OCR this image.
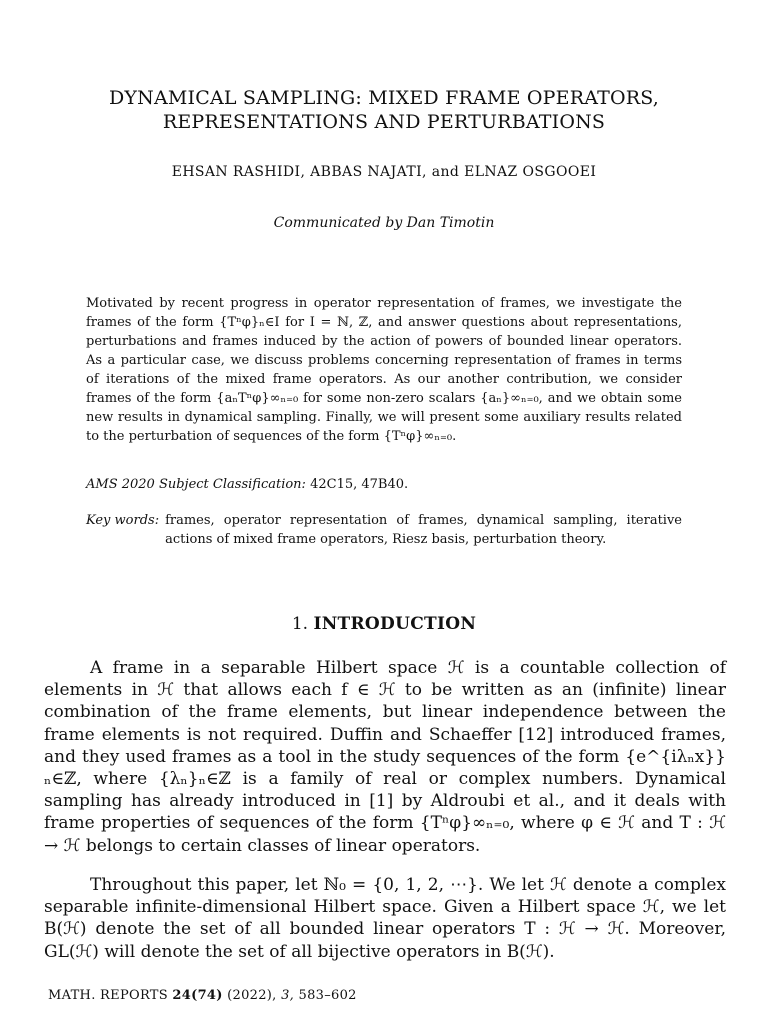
DYNAMICAL SAMPLING: MIXED FRAME OPERATORS,
REPRESENTATIONS AND PERTURBATIONS
EHSAN RASHIDI, ABBAS NAJATI, and ELNAZ OSGOOEI
Communicated by Dan Timotin
Motivated by recent progress in operator representation of frames, we investigate the frames of the form {Tⁿφ}ₙ∈I for I = ℕ, ℤ, and answer questions about representations, perturbations and frames induced by the action of powers of bounded linear operators. As a particular case, we discuss problems concerning representation of frames in terms of iterations of the mixed frame operators. As our another contribution, we consider frames of the form {aₙTⁿφ}∞ₙ₌₀ for some non-zero scalars {aₙ}∞ₙ₌₀, and we obtain some new results in dynamical sampling. Finally, we will present some auxiliary results related to the perturbation of sequences of the form {Tⁿφ}∞ₙ₌₀.
AMS 2020 Subject Classification: 42C15, 47B40.
Key words: frames, operator representation of frames, dynamical sampling, iterative actions of mixed frame operators, Riesz basis, perturbation theory.
1. INTRODUCTION
A frame in a separable Hilbert space ℋ is a countable collection of elements in ℋ that allows each f ∈ ℋ to be written as an (infinite) linear combination of the frame elements, but linear independence between the frame elements is not required. Duffin and Schaeffer [12] introduced frames, and they used frames as a tool in the study sequences of the form {e^{iλₙx}}ₙ∈ℤ, where {λₙ}ₙ∈ℤ is a family of real or complex numbers. Dynamical sampling has already introduced in [1] by Aldroubi et al., and it deals with frame properties of sequences of the form {Tⁿφ}∞ₙ₌₀, where φ ∈ ℋ and T : ℋ → ℋ belongs to certain classes of linear operators.
Throughout this paper, let ℕ₀ = {0, 1, 2, ⋯}. We let ℋ denote a complex separable infinite-dimensional Hilbert space. Given a Hilbert space ℋ, we let B(ℋ) denote the set of all bounded linear operators T : ℋ → ℋ. Moreover, GL(ℋ) will denote the set of all bijective operators in B(ℋ).
MATH. REPORTS 24(74) (2022), 3, 583–602
